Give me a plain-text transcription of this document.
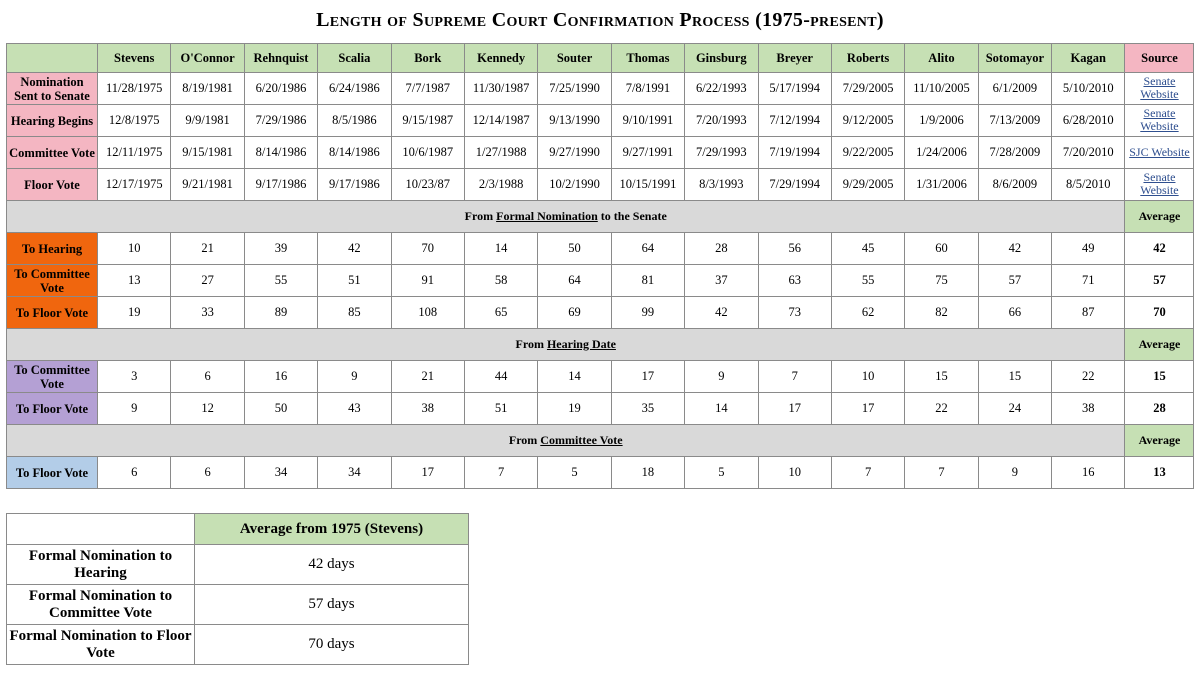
Length of Supreme Court Confirmation Process (1975-present)
	Stevens	O'Connor	Rehnquist	Scalia	Bork	Kennedy	Souter	Thomas	Ginsburg	Breyer	Roberts	Alito	Sotomayor	Kagan	Source
Nomination Sent to Senate	11/28/1975	8/19/1981	6/20/1986	6/24/1986	7/7/1987	11/30/1987	7/25/1990	7/8/1991	6/22/1993	5/17/1994	7/29/2005	11/10/2005	6/1/2009	5/10/2010	Senate Website
Hearing Begins	12/8/1975	9/9/1981	7/29/1986	8/5/1986	9/15/1987	12/14/1987	9/13/1990	9/10/1991	7/20/1993	7/12/1994	9/12/2005	1/9/2006	7/13/2009	6/28/2010	Senate Website
Committee Vote	12/11/1975	9/15/1981	8/14/1986	8/14/1986	10/6/1987	1/27/1988	9/27/1990	9/27/1991	7/29/1993	7/19/1994	9/22/2005	1/24/2006	7/28/2009	7/20/2010	SJC Website
Floor Vote	12/17/1975	9/21/1981	9/17/1986	9/17/1986	10/23/87	2/3/1988	10/2/1990	10/15/1991	8/3/1993	7/29/1994	9/29/2005	1/31/2006	8/6/2009	8/5/2010	Senate Website
From Formal Nomination to the Senate															Average
To Hearing	10	21	39	42	70	14	50	64	28	56	45	60	42	49	42
To Committee Vote	13	27	55	51	91	58	64	81	37	63	55	75	57	71	57
To Floor Vote	19	33	89	85	108	65	69	99	42	73	62	82	66	87	70
From Hearing Date															Average
To Committee Vote	3	6	16	9	21	44	14	17	9	7	10	15	15	22	15
To Floor Vote	9	12	50	43	38	51	19	35	14	17	17	22	24	38	28
From Committee Vote															Average
To Floor Vote	6	6	34	34	17	7	5	18	5	10	7	7	9	16	13
	Average from 1975 (Stevens)
Formal Nomination to Hearing	42 days
Formal Nomination to Committee Vote	57 days
Formal Nomination to Floor Vote	70 days
